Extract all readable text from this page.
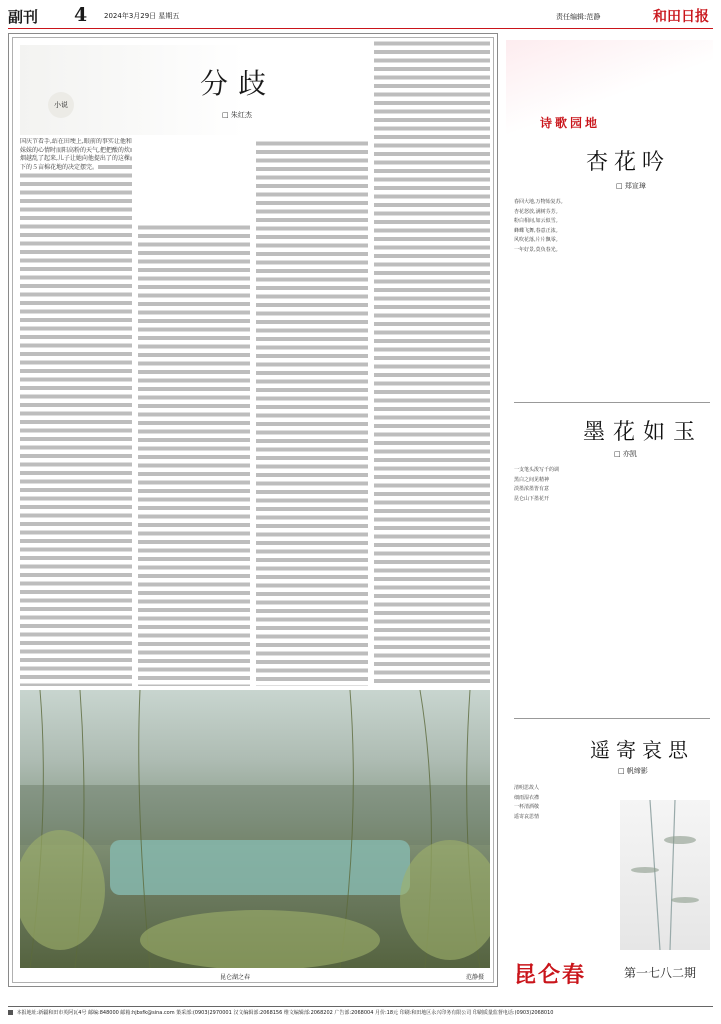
副刊 4 2024年3月29日 星期五	责任编辑:范静	和田日报
小说
分歧
□ 朱红杰
国庆节看手,站在田埂上,眼前的事实让他和妹妹的心情时而阳高粉的天气,把把酸的炊烟越乱了起来,儿子让她向他提出了的这棵下的５亩棉花地的决定摆完。
昆仑湖之春	范静摄
诗歌园地
杏花吟
□ 郑宣璋
春回大地,万物始复苏。
杏花怒放,满树芬芳。
粉白相间,如云似雪。
蜂蝶飞舞,春意正浓。
风吹花落,片片飘零。
一年好景,莫负春光。
墨花如玉
□ 亦凯
一支笔头泼写千的调
黑白之间见精神
淡墨浓墨皆有意
昆仑山下墨花开
遥寄哀思
□ 帆缔影
清明思故人
细雨湿衣襟
一杯清酒敬
遥寄哀思情
昆仑春	第一七八二期
本报地址:新疆和田市英阿瓦4号 邮编:848000 邮箱:hjbsfk@sina.com 策采部:(0903)2970001 汉文编辑部:2068156 维文编辑部:2068202 广告部:2068004 月价:18元 印刷:和田地区永兴印务有限公司 印刷质量监督电话:(0903)2068010
